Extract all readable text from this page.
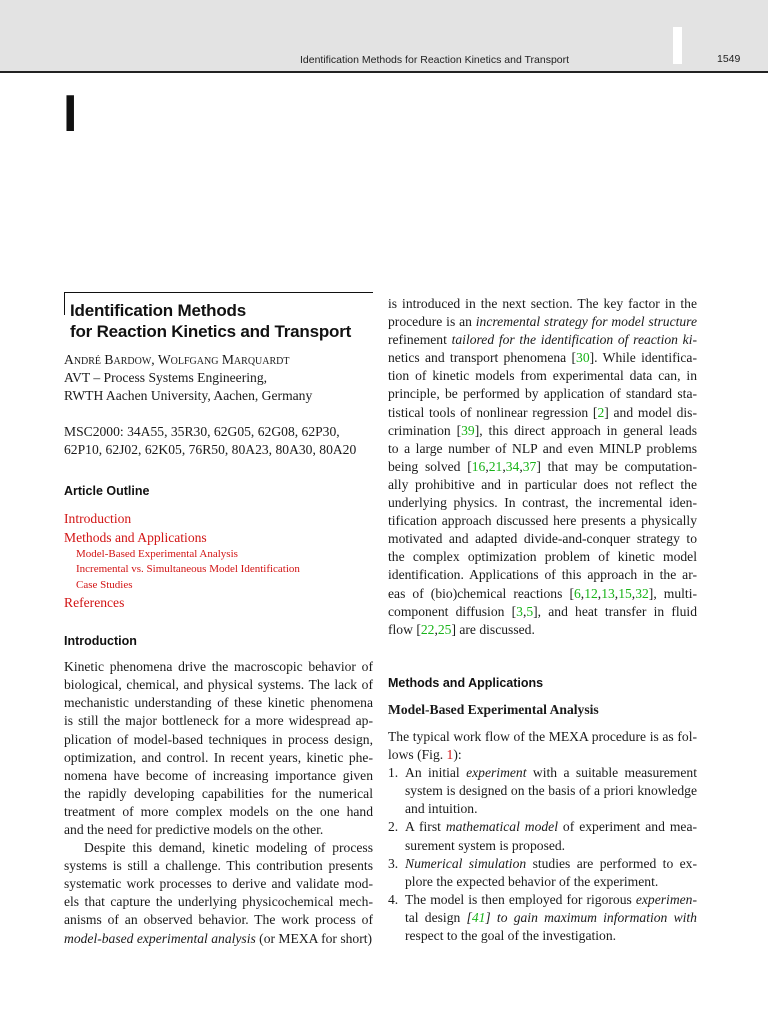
Identification Methods for Reaction Kinetics and Transport	1549
I
Identification Methods
for Reaction Kinetics and Transport
André Bardow, Wolfgang Marquardt
AVT – Process Systems Engineering,
RWTH Aachen University, Aachen, Germany
MSC2000: 34A55, 35R30, 62G05, 62G08, 62P30,
62P10, 62J02, 62K05, 76R50, 80A23, 80A30, 80A20
Article Outline
Introduction
Methods and Applications
Model-Based Experimental Analysis
Incremental vs. Simultaneous Model Identification
Case Studies
References
Introduction
Kinetic phenomena drive the macroscopic behavior of
biological, chemical, and physical systems. The lack of
mechanistic understanding of these kinetic phenomena
is still the major bottleneck for a more widespread ap-
plication of model-based techniques in process design,
optimization, and control. In recent years, kinetic phe-
nomena have become of increasing importance given
the rapidly developing capabilities for the numerical
treatment of more complex models on the one hand
and the need for predictive models on the other.
Despite this demand, kinetic modeling of process
systems is still a challenge. This contribution presents
systematic work processes to derive and validate mod-
els that capture the underlying physicochemical mech-
anisms of an observed behavior. The work process of
model-based experimental analysis (or MEXA for short)
is introduced in the next section. The key factor in the
procedure is an incremental strategy for model structure
refinement tailored for the identification of reaction ki-
netics and transport phenomena [30]. While identifica-
tion of kinetic models from experimental data can, in
principle, be performed by application of standard sta-
tistical tools of nonlinear regression [2] and model dis-
crimination [39], this direct approach in general leads
to a large number of NLP and even MINLP problems
being solved [16,21,34,37] that may be computation-
ally prohibitive and in particular does not reflect the
underlying physics. In contrast, the incremental iden-
tification approach discussed here presents a physically
motivated and adapted divide-and-conquer strategy to
the complex optimization problem of kinetic model
identification. Applications of this approach in the ar-
eas of (bio)chemical reactions [6,12,13,15,32], multi-
component diffusion [3,5], and heat transfer in fluid
flow [22,25] are discussed.
Methods and Applications
Model-Based Experimental Analysis
The typical work flow of the MEXA procedure is as fol-
lows (Fig. 1):
1. An initial experiment with a suitable measurement
system is designed on the basis of a priori knowledge
and intuition.
2. A first mathematical model of experiment and mea-
surement system is proposed.
3. Numerical simulation studies are performed to ex-
plore the expected behavior of the experiment.
4. The model is then employed for rigorous experimen-
tal design [41] to gain maximum information with
respect to the goal of the investigation.
